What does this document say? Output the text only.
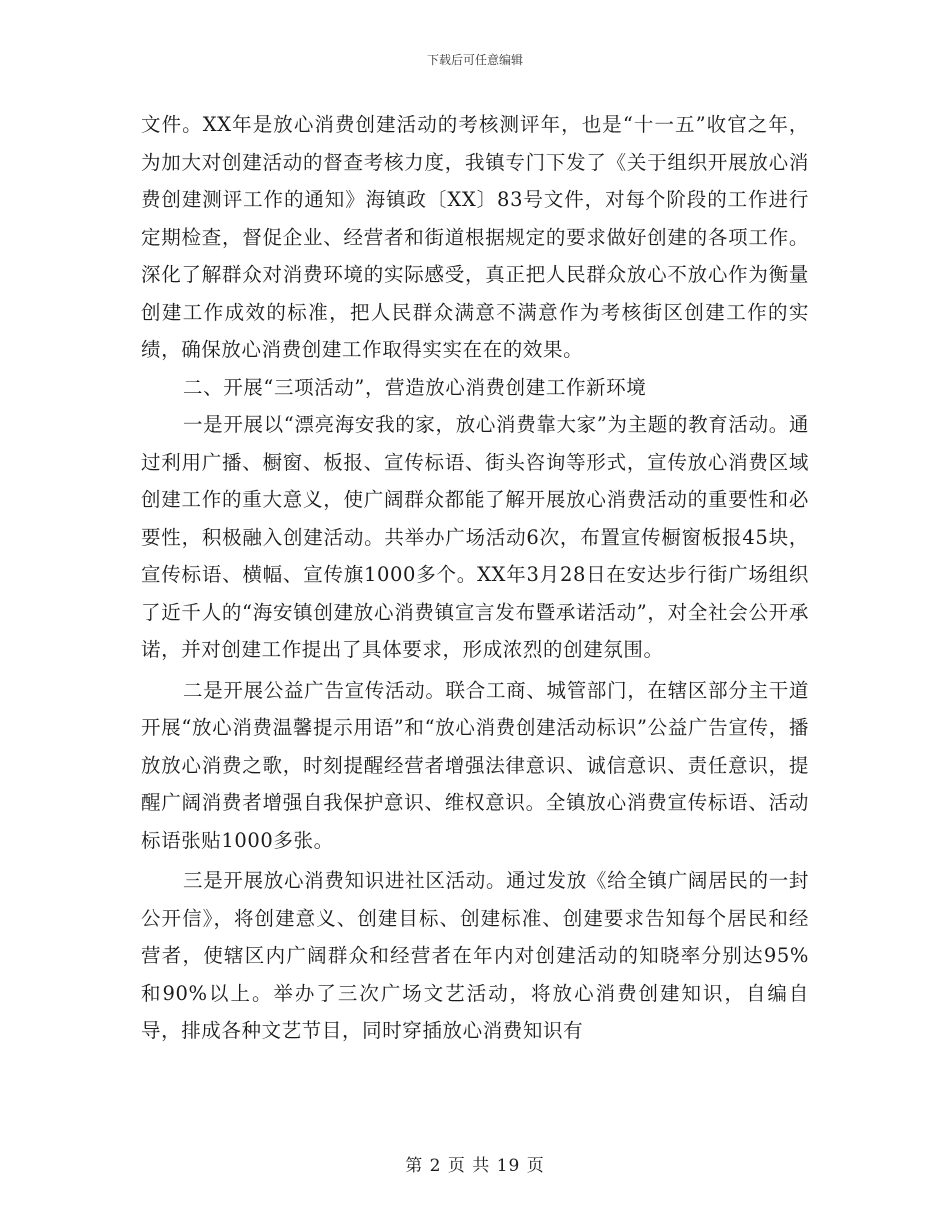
下载后可任意编辑

文件。XX年是放心消费创建活动的考核测评年，也是“十一五”收官之年，为加大对创建活动的督查考核力度，我镇专门下发了《关于组织开展放心消费创建测评工作的通知》海镇政〔XX〕83号文件，对每个阶段的工作进行定期检查，督促企业、经营者和街道根据规定的要求做好创建的各项工作。深化了解群众对消费环境的实际感受，真正把人民群众放心不放心作为衡量创建工作成效的标准，把人民群众满意不满意作为考核街区创建工作的实绩，确保放心消费创建工作取得实实在在的效果。

二、开展“三项活动”，营造放心消费创建工作新环境

一是开展以“漂亮海安我的家，放心消费靠大家”为主题的教育活动。通过利用广播、橱窗、板报、宣传标语、街头咨询等形式，宣传放心消费区域创建工作的重大意义，使广阔群众都能了解开展放心消费活动的重要性和必要性，积极融入创建活动。共举办广场活动6次，布置宣传橱窗板报45块，宣传标语、横幅、宣传旗1000多个。XX年3月28日在安达步行街广场组织了近千人的“海安镇创建放心消费镇宣言发布暨承诺活动”，对全社会公开承诺，并对创建工作提出了具体要求，形成浓烈的创建氛围。

二是开展公益广告宣传活动。联合工商、城管部门，在辖区部分主干道开展“放心消费温馨提示用语”和“放心消费创建活动标识”公益广告宣传，播放放心消费之歌，时刻提醒经营者增强法律意识、诚信意识、责任意识，提醒广阔消费者增强自我保护意识、维权意识。全镇放心消费宣传标语、活动标语张贴1000多张。

三是开展放心消费知识进社区活动。通过发放《给全镇广阔居民的一封公开信》，将创建意义、创建目标、创建标准、创建要求告知每个居民和经营者，使辖区内广阔群众和经营者在年内对创建活动的知晓率分别达95%和90%以上。举办了三次广场文艺活动，将放心消费创建知识，自编自导，排成各种文艺节目，同时穿插放心消费知识有

第 2 页 共 19 页
